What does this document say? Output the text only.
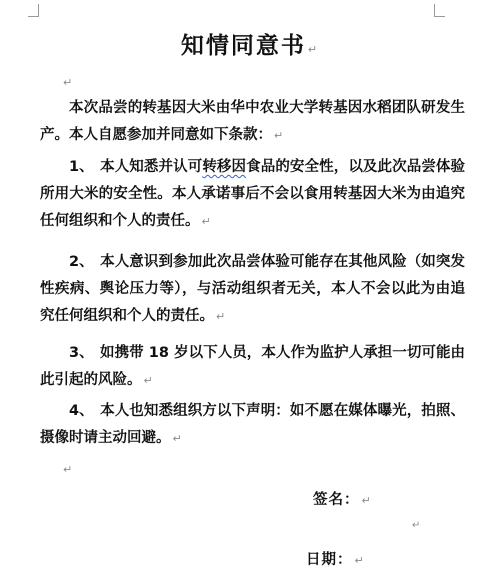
知情同意书 ↵
↵

本次品尝的转基因大米由华中农业大学转基因水稻团队研发生产。本人自愿参加并同意如下条款： ↵

1、 本人知悉并认可转移因食品的安全性，以及此次品尝体验所用大米的安全性。本人承诺事后不会以食用转基因大米为由追究任何组织和个人的责任。 ↵

2、 本人意识到参加此次品尝体验可能存在其他风险（如突发性疾病、舆论压力等），与活动组织者无关，本人不会以此为由追究任何组织和个人的责任。 ↵

3、 如携带 18 岁以下人员，本人作为监护人承担一切可能由此引起的风险。 ↵

4、 本人也知悉组织方以下声明：如不愿在媒体曝光，拍照、摄像时请主动回避。 ↵

↵
签名： ↵
↵
日期： ↵
